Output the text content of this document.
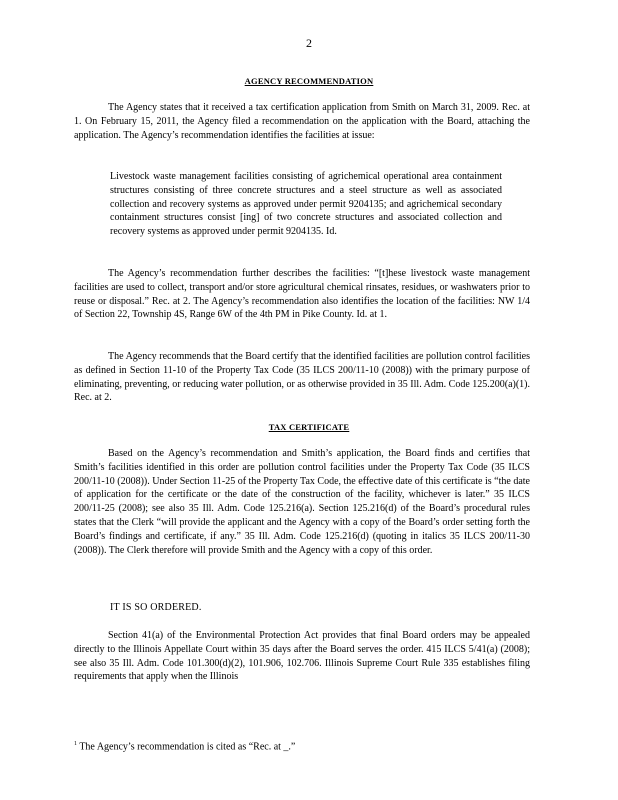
2
AGENCY RECOMMENDATION

The Agency states that it received a tax certification application from Smith on March 31, 2009. Rec. at 1. On February 15, 2011, the Agency filed a recommendation on the application with the Board, attaching the application. The Agency’s recommendation identifies the facilities at issue:

Livestock waste management facilities consisting of agrichemical operational area containment structures consisting of three concrete structures and a steel structure as well as associated collection and recovery systems as approved under permit 9204135; and agrichemical secondary containment structures consist [ing] of two concrete structures and associated collection and recovery systems as approved under permit 9204135. Id.

The Agency’s recommendation further describes the facilities: “[t]hese livestock waste management facilities are used to collect, transport and/or store agricultural chemical rinsates, residues, or washwaters prior to reuse or disposal.” Rec. at 2. The Agency’s recommendation also identifies the location of the facilities: NW 1/4 of Section 22, Township 4S, Range 6W of the 4th PM in Pike County. Id. at 1.

The Agency recommends that the Board certify that the identified facilities are pollution control facilities as defined in Section 11-10 of the Property Tax Code (35 ILCS 200/11-10 (2008)) with the primary purpose of eliminating, preventing, or reducing water pollution, or as otherwise provided in 35 Ill. Adm. Code 125.200(a)(1). Rec. at 2.

TAX CERTIFICATE

Based on the Agency’s recommendation and Smith’s application, the Board finds and certifies that Smith’s facilities identified in this order are pollution control facilities under the Property Tax Code (35 ILCS 200/11-10 (2008)). Under Section 11-25 of the Property Tax Code, the effective date of this certificate is “the date of application for the certificate or the date of the construction of the facility, whichever is later.” 35 ILCS 200/11-25 (2008); see also 35 Ill. Adm. Code 125.216(a). Section 125.216(d) of the Board’s procedural rules states that the Clerk “will provide the applicant and the Agency with a copy of the Board’s order setting forth the Board’s findings and certificate, if any.” 35 Ill. Adm. Code 125.216(d) (quoting in italics 35 ILCS 200/11-30 (2008)). The Clerk therefore will provide Smith and the Agency with a copy of this order.

IT IS SO ORDERED.

Section 41(a) of the Environmental Protection Act provides that final Board orders may be appealed directly to the Illinois Appellate Court within 35 days after the Board serves the order. 415 ILCS 5/41(a) (2008); see also 35 Ill. Adm. Code 101.300(d)(2), 101.906, 102.706. Illinois Supreme Court Rule 335 establishes filing requirements that apply when the Illinois

$^1$ The Agency’s recommendation is cited as “Rec. at _.”
